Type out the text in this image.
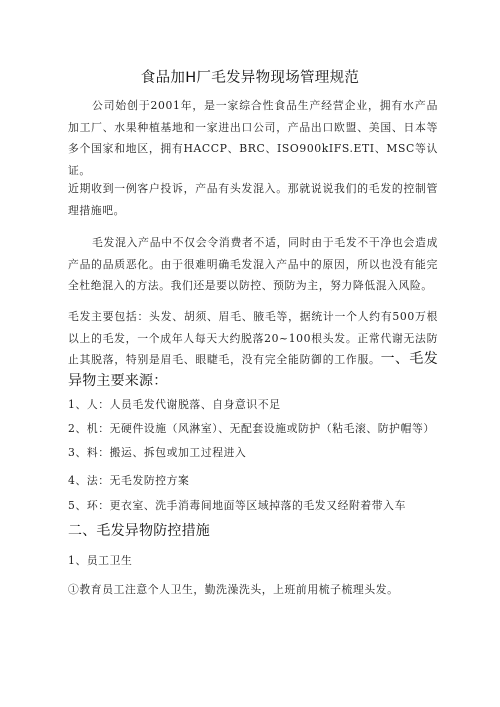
食品加H厂毛发异物现场管理规范
公司始创于2001年，是一家综合性食品生产经营企业，拥有水产品加工厂、水果种植基地和一家进出口公司，产品出口欧盟、美国、日本等多个国家和地区，拥有HACCP、BRC、ISO900kIFS.ETI、MSC等认证。
近期收到一例客户投诉，产品有头发混入。那就说说我们的毛发的控制管理措施吧。
毛发混入产品中不仅会令消费者不适，同时由于毛发不干净也会造成产品的品质恶化。由于很难明确毛发混入产品中的原因，所以也没有能完全杜绝混入的方法。我们还是要以防控、预防为主，努力降低混入风险。
毛发主要包括：头发、胡须、眉毛、腋毛等，据统计一个人约有500万根以上的毛发，一个成年人每天大约脱落20~100根头发。正常代谢无法防止其脱落，特别是眉毛、眼睫毛，没有完全能防御的工作服。一、毛发异物主要来源：
1、人：人员毛发代谢脱落、自身意识不足
2、机：无硬件设施（风淋室）、无配套设施或防护（粘毛滚、防护帽等）
3、料：搬运、拆包或加工过程进入
4、法：无毛发防控方案
5、环：更衣室、洗手消毒间地面等区域掉落的毛发又经附着带入车
二、毛发异物防控措施
1、员工卫生
①教育员工注意个人卫生，勤洗澡洗头，上班前用梳子梳理头发。
